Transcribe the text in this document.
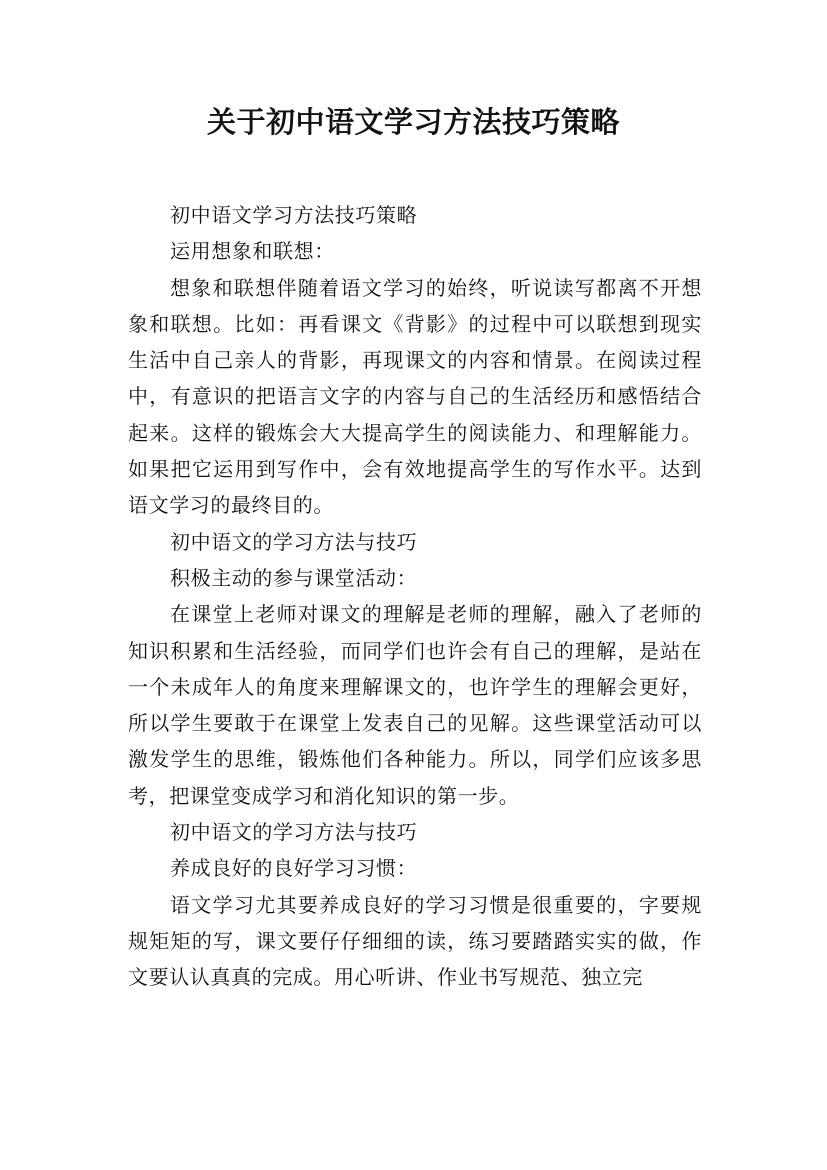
关于初中语文学习方法技巧策略

初中语文学习方法技巧策略

运用想象和联想：

想象和联想伴随着语文学习的始终，听说读写都离不开想象和联想。比如：再看课文《背影》的过程中可以联想到现实生活中自己亲人的背影，再现课文的内容和情景。在阅读过程中，有意识的把语言文字的内容与自己的生活经历和感悟结合起来。这样的锻炼会大大提高学生的阅读能力、和理解能力。如果把它运用到写作中，会有效地提高学生的写作水平。达到语文学习的最终目的。

初中语文的学习方法与技巧

积极主动的参与课堂活动：

在课堂上老师对课文的理解是老师的理解，融入了老师的知识积累和生活经验，而同学们也许会有自己的理解，是站在一个未成年人的角度来理解课文的，也许学生的理解会更好，所以学生要敢于在课堂上发表自己的见解。这些课堂活动可以激发学生的思维，锻炼他们各种能力。所以，同学们应该多思考，把课堂变成学习和消化知识的第一步。

初中语文的学习方法与技巧

养成良好的良好学习习惯：

语文学习尤其要养成良好的学习习惯是很重要的，字要规规矩矩的写，课文要仔仔细细的读，练习要踏踏实实的做，作文要认认真真的完成。用心听讲、作业书写规范、独立完
